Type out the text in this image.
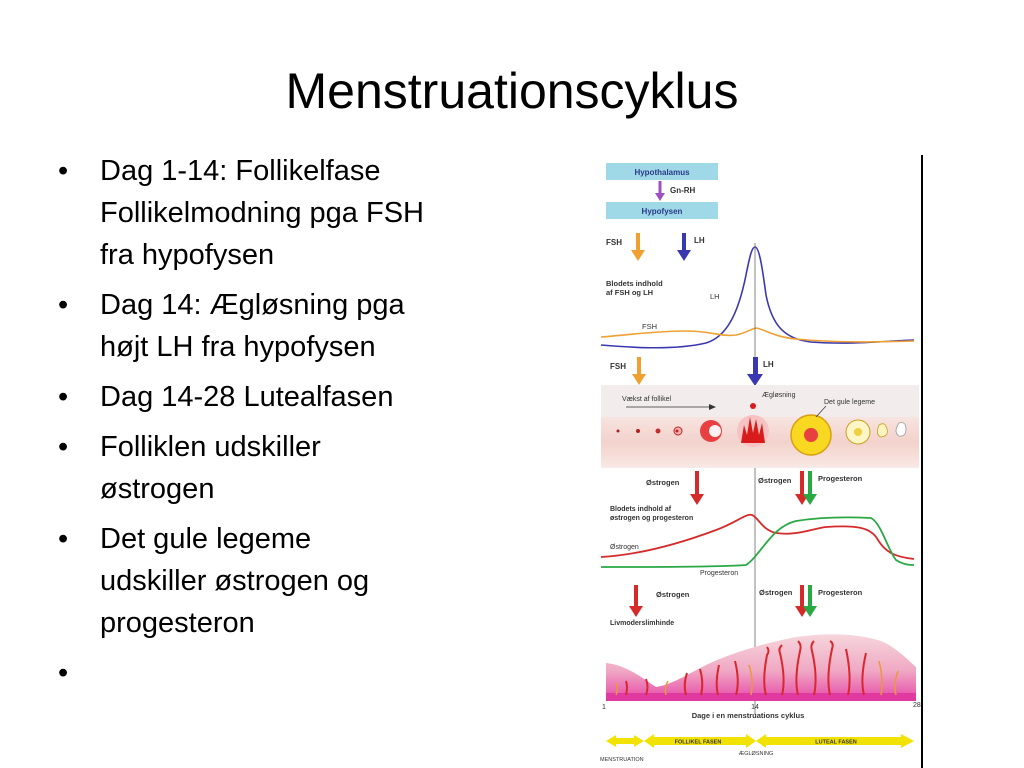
Menstruationscyklus
• Dag 1-14: Follikelfase
Follikelmodning pga FSH
fra hypofysen
• Dag 14: Ægløsning pga
højt LH fra hypofysen
• Dag 14-28 Lutealfasen
• Folliklen udskiller
østrogen
• Det gule legeme
udskiller østrogen og
progesteron
•
Hypothalamus
Gn-RH
Hypofysen
FSH	LH
Blodets indhold
af FSH og LH	LH
FSH
FSH	LH
Vækst af follikel
Ægløsning
Det gule legeme
Østrogen	Østrogen	Progesteron
Blodets indhold af
østrogen og progesteron
Østrogen
Progesteron
Østrogen	Østrogen	Progesteron
Livmoderslimhinde
1	14	28
Dage i en menstruations cyklus
FOLLIKEL FASEN	LUTEAL FASEN
ÆGLØSNING
MENSTRUATION
